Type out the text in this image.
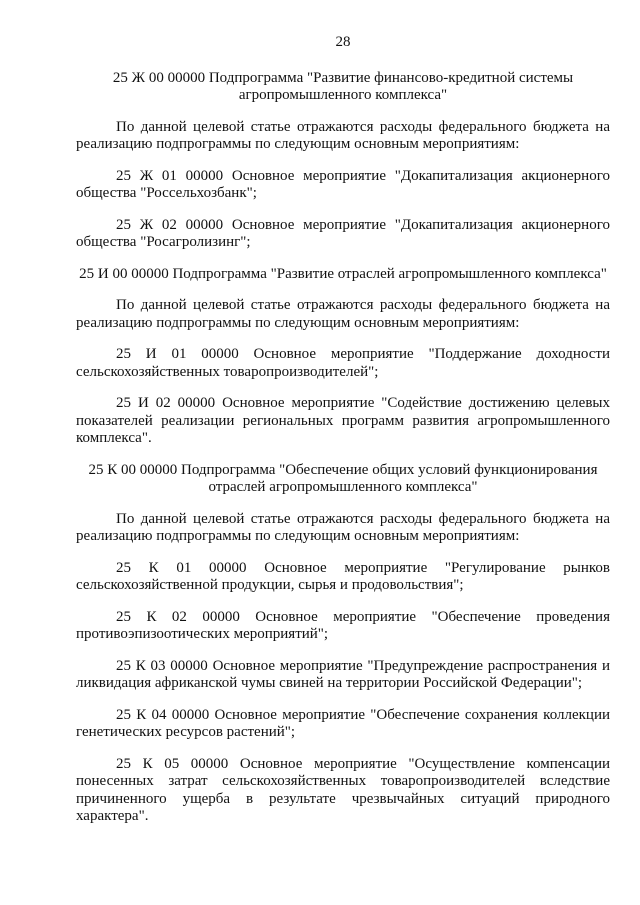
28
25 Ж 00 00000 Подпрограмма "Развитие финансово-кредитной системы агропромышленного комплекса"

По данной целевой статье отражаются расходы федерального бюджета на реализацию подпрограммы по следующим основным мероприятиям:

25 Ж 01 00000 Основное мероприятие "Докапитализация акционерного общества "Россельхозбанк";

25 Ж 02 00000 Основное мероприятие "Докапитализация акционерного общества "Росагролизинг";

25 И 00 00000 Подпрограмма "Развитие отраслей агропромышленного комплекса"

По данной целевой статье отражаются расходы федерального бюджета на реализацию подпрограммы по следующим основным мероприятиям:

25 И 01 00000 Основное мероприятие "Поддержание доходности сельскохозяйственных товаропроизводителей";

25 И 02 00000 Основное мероприятие "Содействие достижению целевых показателей реализации региональных программ развития агропромышленного комплекса".

25 К 00 00000 Подпрограмма "Обеспечение общих условий функционирования отраслей агропромышленного комплекса"

По данной целевой статье отражаются расходы федерального бюджета на реализацию подпрограммы по следующим основным мероприятиям:

25 К 01 00000 Основное мероприятие "Регулирование рынков сельскохозяйственной продукции, сырья и продовольствия";

25 К 02 00000 Основное мероприятие "Обеспечение проведения противоэпизоотических мероприятий";

25 К 03 00000 Основное мероприятие "Предупреждение распространения и ликвидация африканской чумы свиней на территории Российской Федерации";

25 К 04 00000 Основное мероприятие "Обеспечение сохранения коллекции генетических ресурсов растений";

25 К 05 00000 Основное мероприятие "Осуществление компенсации понесенных затрат сельскохозяйственных товаропроизводителей вследствие причиненного ущерба в результате чрезвычайных ситуаций природного характера".
